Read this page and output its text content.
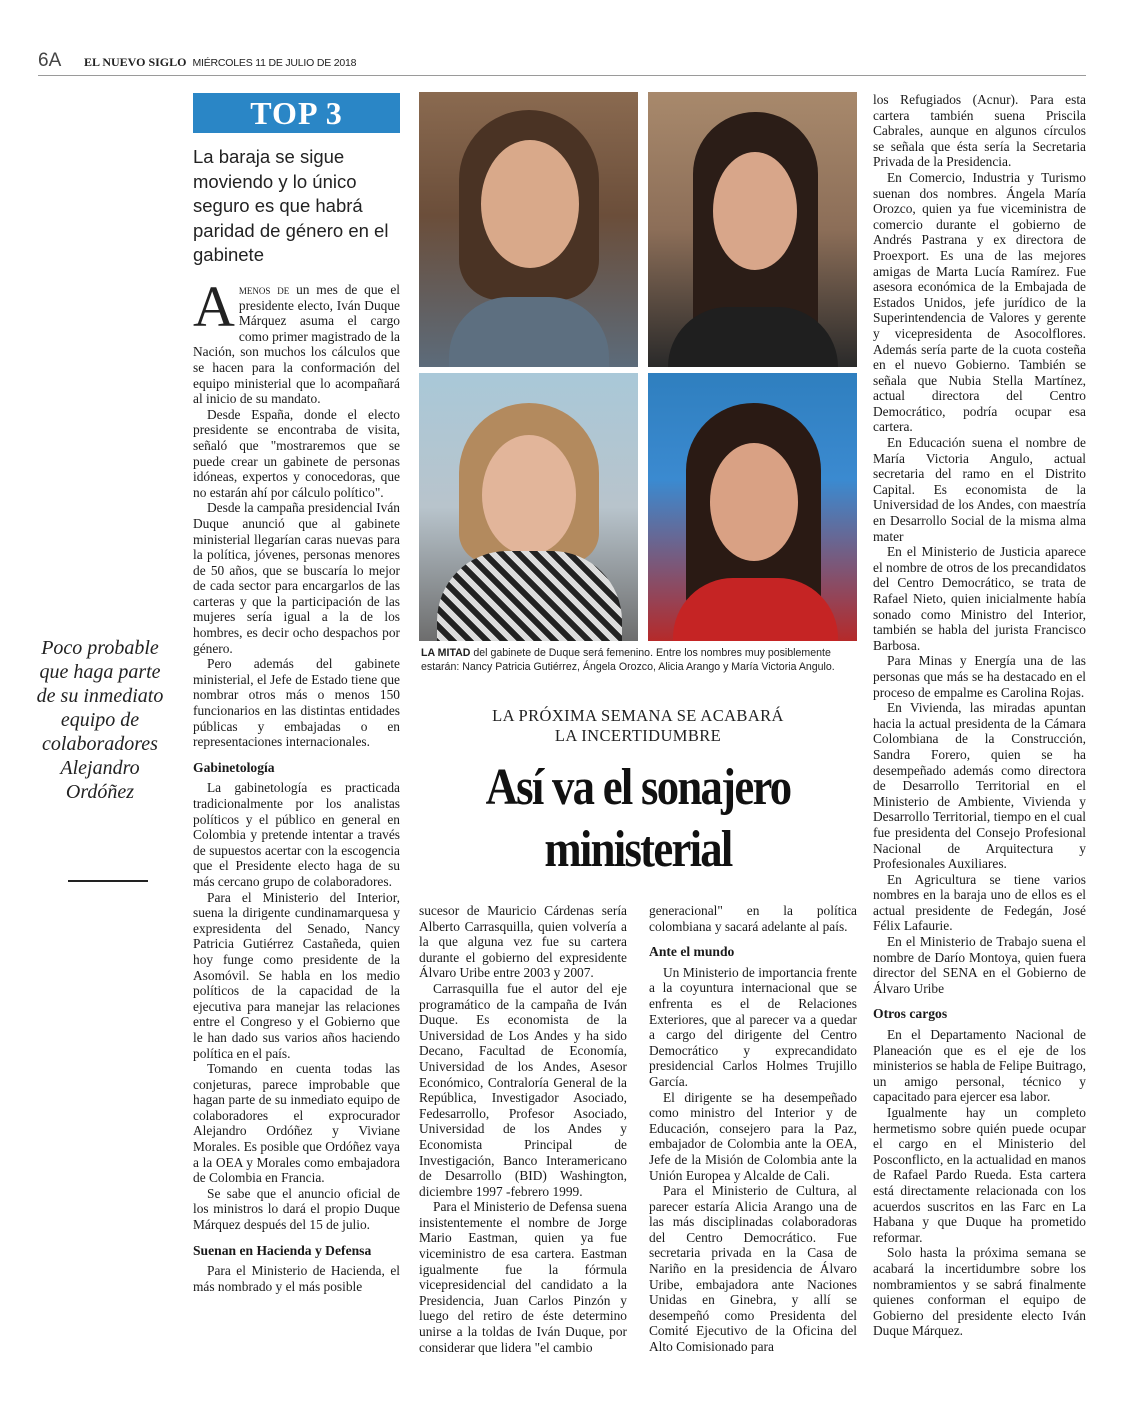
6A EL NUEVO SIGLO MIÉRCOLES 11 DE JULIO DE 2018
TOP 3
La baraja se sigue moviendo y lo único seguro es que habrá paridad de género en el gabinete

Amenos de un mes de que el presidente electo, Iván Duque Márquez asuma el cargo como primer magistrado de la Nación, son muchos los cálculos que se hacen para la conformación del equipo ministerial que lo acompañará al inicio de su mandato.

Desde España, donde el electo presidente se encontraba de visita, señaló que "mostraremos que se puede crear un gabinete de personas idóneas, expertos y conocedoras, que no estarán ahí por cálculo político".

Desde la campaña presidencial Iván Duque anunció que al gabinete ministerial llegarían caras nuevas para la política, jóvenes, personas menores de 50 años, que se buscaría lo mejor de cada sector para encargarlos de las carteras y que la participación de las mujeres sería igual a la de los hombres, es decir ocho despachos por género.

Pero además del gabinete ministerial, el Jefe de Estado tiene que nombrar otros más o menos 150 funcionarios en las distintas entidades públicas y embajadas o en representaciones internacionales.

Gabinetología

La gabinetología es practicada tradicionalmente por los analistas políticos y el público en general en Colombia y pretende intentar a través de supuestos acertar con la escogencia que el Presidente electo haga de su más cercano grupo de colaboradores.

Para el Ministerio del Interior, suena la dirigente cundinamarquesa y expresidenta del Senado, Nancy Patricia Gutiérrez Castañeda, quien hoy funge como presidente de la Asomóvil. Se habla en los medio políticos de la capacidad de la ejecutiva para manejar las relaciones entre el Congreso y el Gobierno que le han dado sus varios años haciendo política en el país.

Tomando en cuenta todas las conjeturas, parece improbable que hagan parte de su inmediato equipo de colaboradores el exprocurador Alejandro Ordóñez y Viviane Morales. Es posible que Ordóñez vaya a la OEA y Morales como embajadora de Colombia en Francia.

Se sabe que el anuncio oficial de los ministros lo dará el propio Duque Márquez después del 15 de julio.

Suenan en Hacienda y Defensa

Para el Ministerio de Hacienda, el más nombrado y el más posible

Poco probable que haga parte de su inmediato equipo de colaboradores Alejandro Ordóñez
LA MITAD del gabinete de Duque será femenino. Entre los nombres muy posiblemente estarán: Nancy Patricia Gutiérrez, Ángela Orozco, Alicia Arango y María Victoria Angulo.
LA PRÓXIMA SEMANA SE ACABARÁ
LA INCERTIDUMBRE
Así va el sonajero
ministerial

sucesor de Mauricio Cárdenas sería Alberto Carrasquilla, quien volvería a la que alguna vez fue su cartera durante el gobierno del expresidente Álvaro Uribe entre 2003 y 2007.

Carrasquilla fue el autor del eje programático de la campaña de Iván Duque. Es economista de la Universidad de Los Andes y ha sido Decano, Facultad de Economía, Universidad de los Andes, Asesor Económico, Contraloría General de la República, Investigador Asociado, Fedesarrollo, Profesor Asociado, Universidad de los Andes y Economista Principal de Investigación, Banco Interamericano de Desarrollo (BID) Washington, diciembre 1997 -febrero 1999.

Para el Ministerio de Defensa suena insistentemente el nombre de Jorge Mario Eastman, quien ya fue viceministro de esa cartera. Eastman igualmente fue la fórmula vicepresidencial del candidato a la Presidencia, Juan Carlos Pinzón y luego del retiro de éste determino unirse a la toldas de Iván Duque, por considerar que lidera "el cambio

generacional" en la política colombiana y sacará adelante al país.

Ante el mundo

Un Ministerio de importancia frente a la coyuntura internacional que se enfrenta es el de Relaciones Exteriores, que al parecer va a quedar a cargo del dirigente del Centro Democrático y exprecandidato presidencial Carlos Holmes Trujillo García.

El dirigente se ha desempeñado como ministro del Interior y de Educación, consejero para la Paz, embajador de Colombia ante la OEA, Jefe de la Misión de Colombia ante la Unión Europea y Alcalde de Cali.

Para el Ministerio de Cultura, al parecer estaría Alicia Arango una de las más disciplinadas colaboradoras del Centro Democrático. Fue secretaria privada en la Casa de Nariño en la presidencia de Álvaro Uribe, embajadora ante Naciones Unidas en Ginebra, y allí se desempeñó como Presidenta del Comité Ejecutivo de la Oficina del Alto Comisionado para

los Refugiados (Acnur). Para esta cartera también suena Priscila Cabrales, aunque en algunos círculos se señala que ésta sería la Secretaria Privada de la Presidencia.

En Comercio, Industria y Turismo suenan dos nombres. Ángela María Orozco, quien ya fue viceministra de comercio durante el gobierno de Andrés Pastrana y ex directora de Proexport. Es una de las mejores amigas de Marta Lucía Ramírez. Fue asesora económica de la Embajada de Estados Unidos, jefe jurídico de la Superintendencia de Valores y gerente y vicepresidenta de Asocolflores. Además sería parte de la cuota costeña en el nuevo Gobierno. También se señala que Nubia Stella Martínez, actual directora del Centro Democrático, podría ocupar esa cartera.

En Educación suena el nombre de María Victoria Angulo, actual secretaria del ramo en el Distrito Capital. Es economista de la Universidad de los Andes, con maestría en Desarrollo Social de la misma alma mater

En el Ministerio de Justicia aparece el nombre de otros de los precandidatos del Centro Democrático, se trata de Rafael Nieto, quien inicialmente había sonado como Ministro del Interior, también se habla del jurista Francisco Barbosa.

Para Minas y Energía una de las personas que más se ha destacado en el proceso de empalme es Carolina Rojas.

En Vivienda, las miradas apuntan hacia la actual presidenta de la Cámara Colombiana de la Construcción, Sandra Forero, quien se ha desempeñado además como directora de Desarrollo Territorial en el Ministerio de Ambiente, Vivienda y Desarrollo Territorial, tiempo en el cual fue presidenta del Consejo Profesional Nacional de Arquitectura y Profesionales Auxiliares.

En Agricultura se tiene varios nombres en la baraja uno de ellos es el actual presidente de Fedegán, José Félix Lafaurie.

En el Ministerio de Trabajo suena el nombre de Darío Montoya, quien fuera director del SENA en el Gobierno de Álvaro Uribe

Otros cargos

En el Departamento Nacional de Planeación que es el eje de los ministerios se habla de Felipe Buitrago, un amigo personal, técnico y capacitado para ejercer esa labor.

Igualmente hay un completo hermetismo sobre quién puede ocupar el cargo en el Ministerio del Posconflicto, en la actualidad en manos de Rafael Pardo Rueda. Esta cartera está directamente relacionada con los acuerdos suscritos en las Farc en La Habana y que Duque ha prometido reformar.

Solo hasta la próxima semana se acabará la incertidumbre sobre los nombramientos y se sabrá finalmente quienes conforman el equipo de Gobierno del presidente electo Iván Duque Márquez.
